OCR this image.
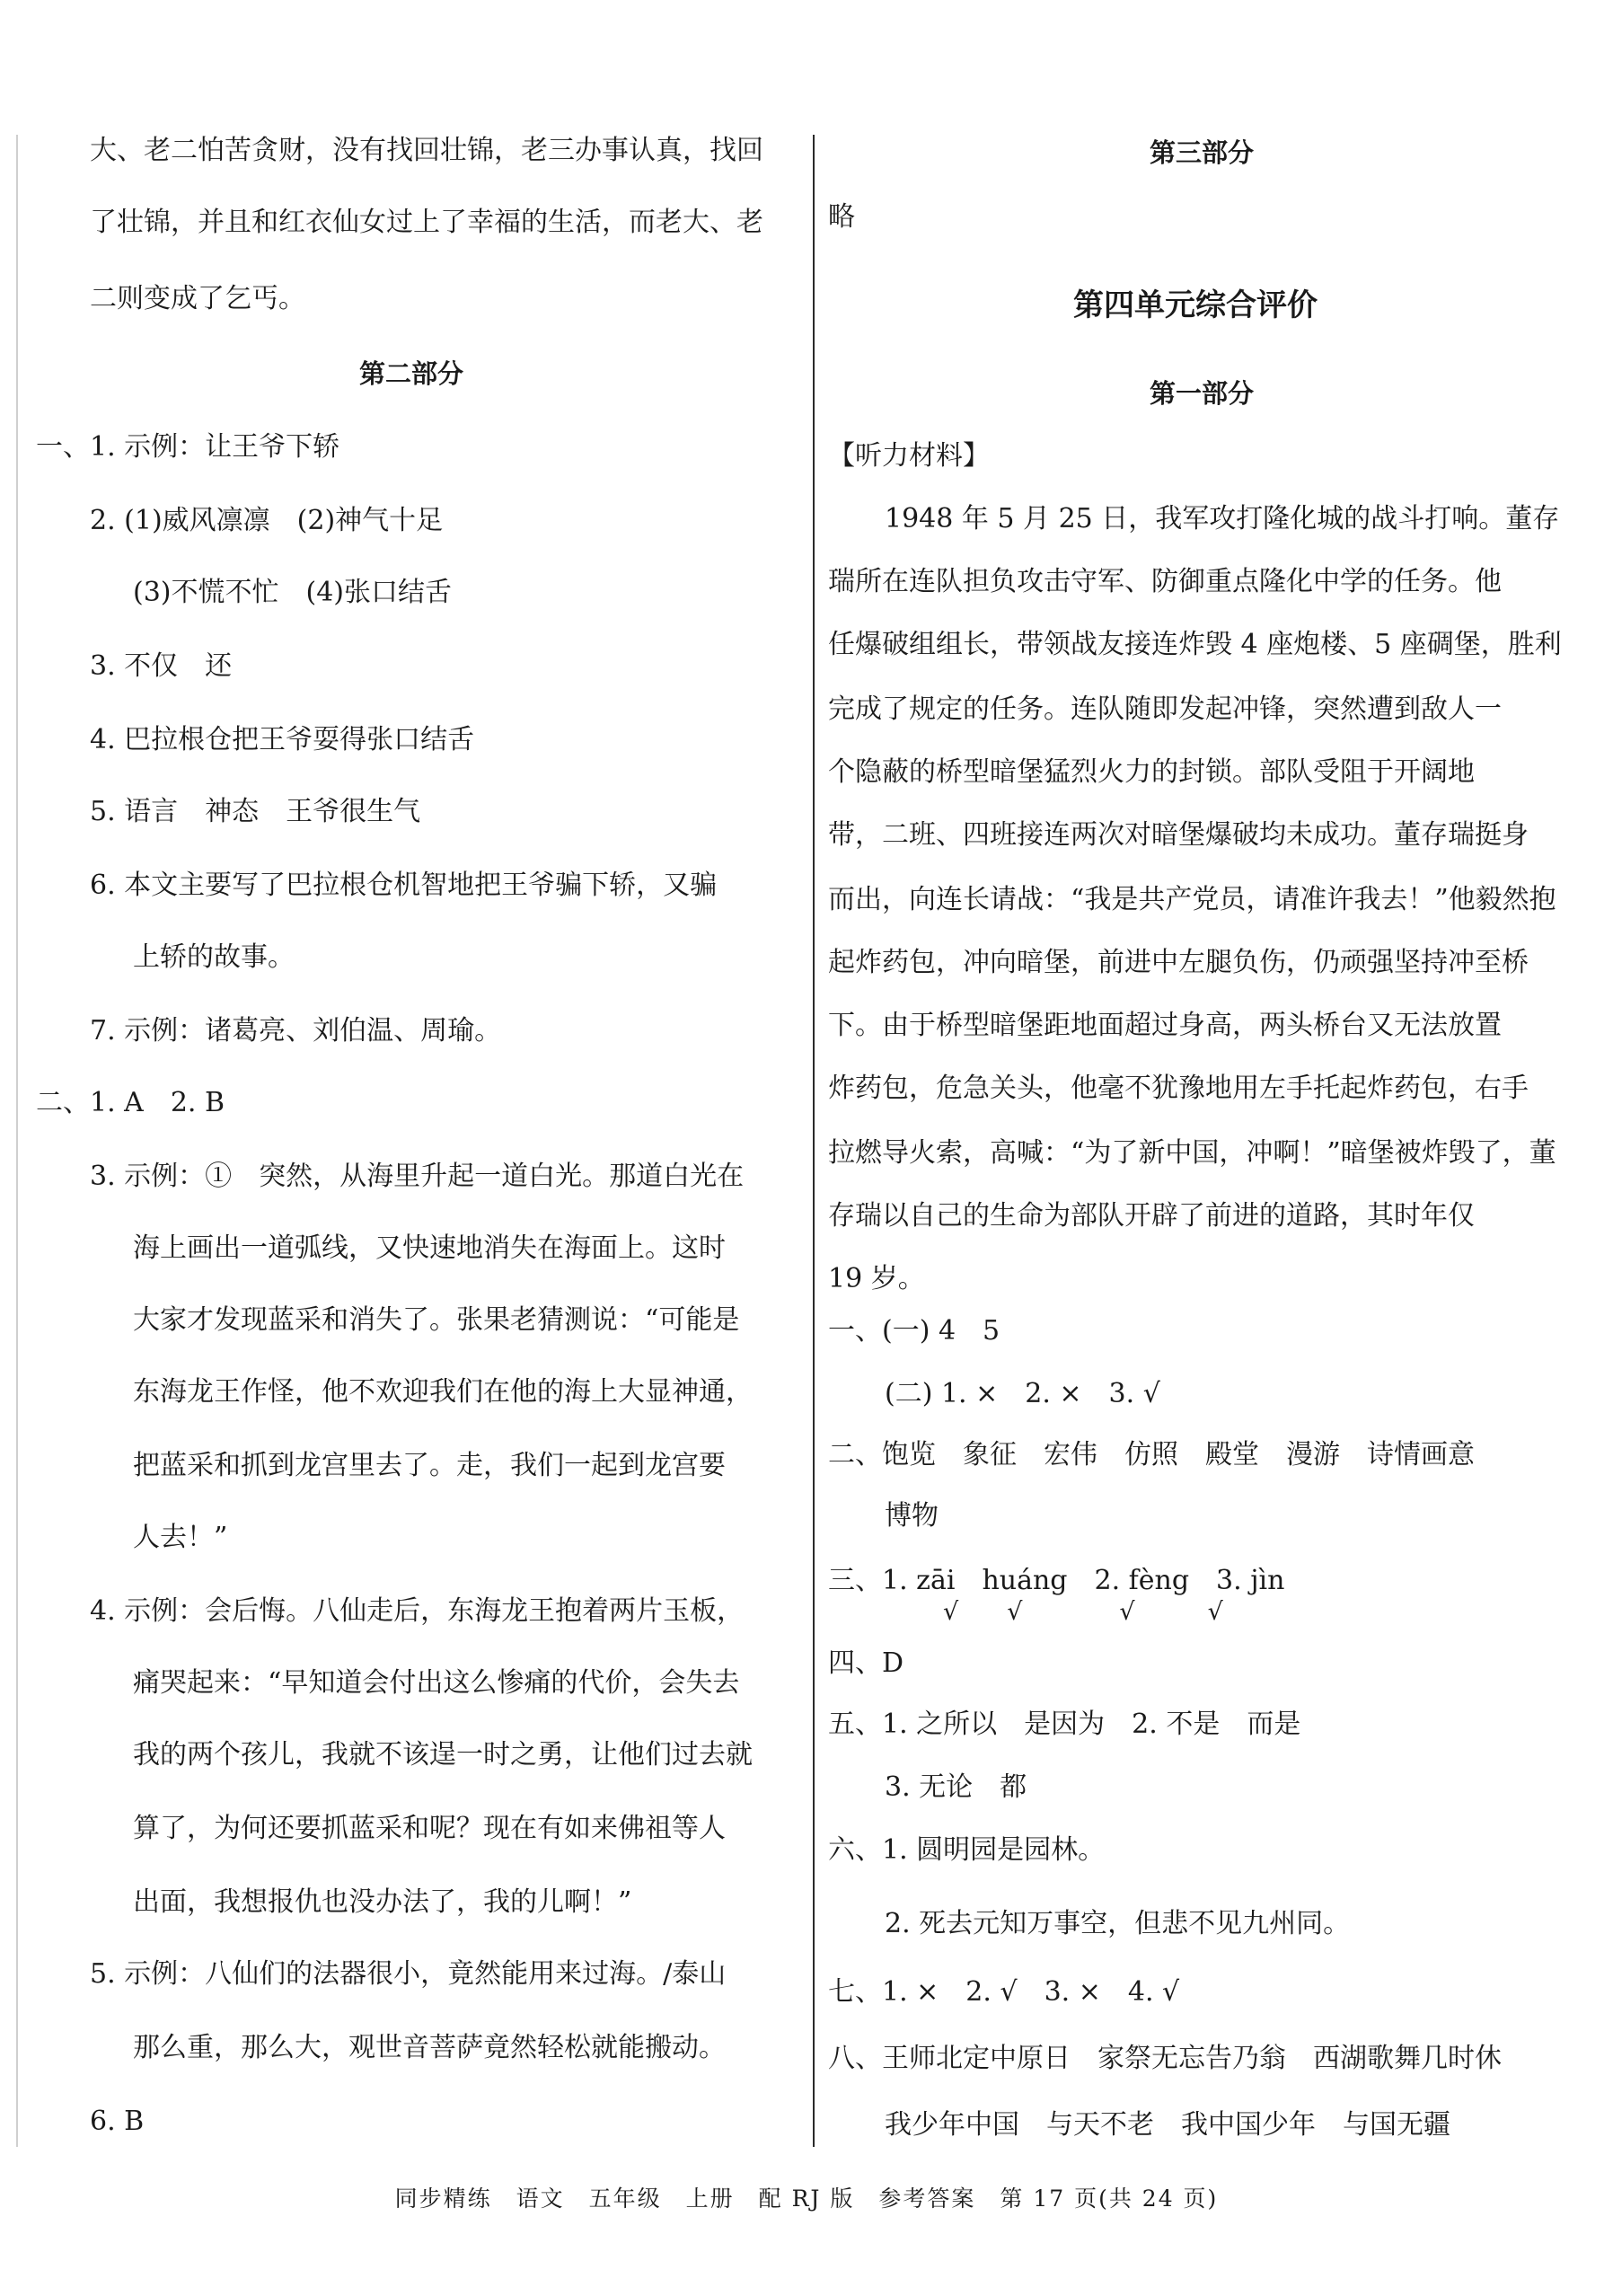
大、老二怕苦贪财，没有找回壮锦，老三办事认真，找回
了壮锦，并且和红衣仙女过上了幸福的生活，而老大、老
二则变成了乞丐。
第二部分
一、1. 示例：让王爷下轿
2. (1)威风凛凛　(2)神气十足
(3)不慌不忙　(4)张口结舌
3. 不仅　还
4. 巴拉根仓把王爷耍得张口结舌
5. 语言　神态　王爷很生气
6. 本文主要写了巴拉根仓机智地把王爷骗下轿，又骗
上轿的故事。
7. 示例：诸葛亮、刘伯温、周瑜。
二、1. A　2. B
3. 示例：①　突然，从海里升起一道白光。那道白光在
海上画出一道弧线，又快速地消失在海面上。这时
大家才发现蓝采和消失了。张果老猜测说：“可能是
东海龙王作怪，他不欢迎我们在他的海上大显神通，
把蓝采和抓到龙宫里去了。走，我们一起到龙宫要
人去！”
4. 示例：会后悔。八仙走后，东海龙王抱着两片玉板，
痛哭起来：“早知道会付出这么惨痛的代价，会失去
我的两个孩儿，我就不该逞一时之勇，让他们过去就
算了，为何还要抓蓝采和呢？现在有如来佛祖等人
出面，我想报仇也没办法了，我的儿啊！”
5. 示例：八仙们的法器很小，竟然能用来过海。/泰山
那么重，那么大，观世音菩萨竟然轻松就能搬动。
6. B
第三部分
略
第四单元综合评价
第一部分
【听力材料】
1948 年 5 月 25 日，我军攻打隆化城的战斗打响。董存
瑞所在连队担负攻击守军、防御重点隆化中学的任务。他
任爆破组组长，带领战友接连炸毁 4 座炮楼、5 座碉堡，胜利
完成了规定的任务。连队随即发起冲锋，突然遭到敌人一
个隐蔽的桥型暗堡猛烈火力的封锁。部队受阻于开阔地
带，二班、四班接连两次对暗堡爆破均未成功。董存瑞挺身
而出，向连长请战：“我是共产党员，请准许我去！”他毅然抱
起炸药包，冲向暗堡，前进中左腿负伤，仍顽强坚持冲至桥
下。由于桥型暗堡距地面超过身高，两头桥台又无法放置
炸药包，危急关头，他毫不犹豫地用左手托起炸药包，右手
拉燃导火索，高喊：“为了新中国，冲啊！”暗堡被炸毁了，董
存瑞以自己的生命为部队开辟了前进的道路，其时年仅
19 岁。
一、(一) 4　5
(二) 1. ×　2. ×　3. √
二、饱览　象征　宏伟　仿照　殿堂　漫游　诗情画意
博物
三、1. zāi　huáng　2. fèng　3. jìn
√　　√　　　　√　　　√
四、D
五、1. 之所以　是因为　2. 不是　而是
3. 无论　都
六、1. 圆明园是园林。
2. 死去元知万事空，但悲不见九州同。
七、1. ×　2. √　3. ×　4. √
八、王师北定中原日　家祭无忘告乃翁　西湖歌舞几时休
我少年中国　与天不老　我中国少年　与国无疆
同步精练　语文　五年级　上册　配 RJ 版　参考答案　第 17 页(共 24 页)
